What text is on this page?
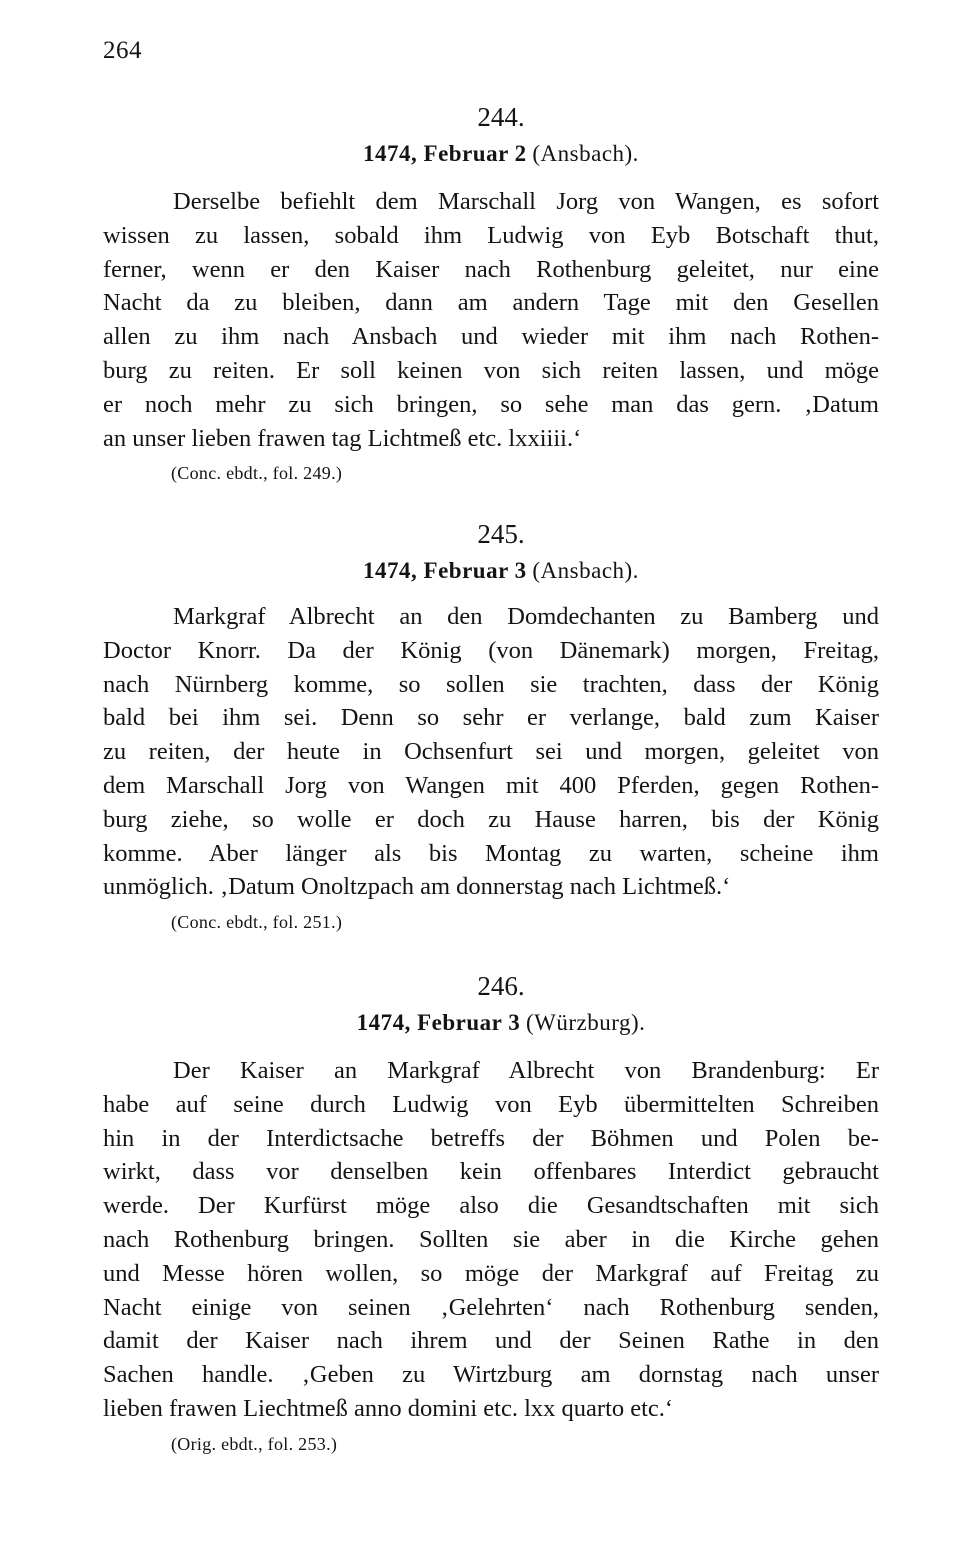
264
244.
1474, Februar 2 (Ansbach).
Derselbe befiehlt dem Marschall Jorg von Wangen, es sofort
wissen zu lassen, sobald ihm Ludwig von Eyb Botschaft thut,
ferner, wenn er den Kaiser nach Rothenburg geleitet, nur eine
Nacht da zu bleiben, dann am andern Tage mit den Gesellen
allen zu ihm nach Ansbach und wieder mit ihm nach Rothen-
burg zu reiten. Er soll keinen von sich reiten lassen, und möge
er noch mehr zu sich bringen, so sehe man das gern. ‚Datum
an unser lieben frawen tag Lichtmeß etc. lxxiiii.‘
(Conc. ebdt., fol. 249.)
245.
1474, Februar 3 (Ansbach).
Markgraf Albrecht an den Domdechanten zu Bamberg und
Doctor Knorr. Da der König (von Dänemark) morgen, Freitag,
nach Nürnberg komme, so sollen sie trachten, dass der König
bald bei ihm sei. Denn so sehr er verlange, bald zum Kaiser
zu reiten, der heute in Ochsenfurt sei und morgen, geleitet von
dem Marschall Jorg von Wangen mit 400 Pferden, gegen Rothen-
burg ziehe, so wolle er doch zu Hause harren, bis der König
komme. Aber länger als bis Montag zu warten, scheine ihm
unmöglich. ‚Datum Onoltzpach am donnerstag nach Lichtmeß.‘
(Conc. ebdt., fol. 251.)
246.
1474, Februar 3 (Würzburg).
Der Kaiser an Markgraf Albrecht von Brandenburg: Er
habe auf seine durch Ludwig von Eyb übermittelten Schreiben
hin in der Interdictsache betreffs der Böhmen und Polen be-
wirkt, dass vor denselben kein offenbares Interdict gebraucht
werde. Der Kurfürst möge also die Gesandtschaften mit sich
nach Rothenburg bringen. Sollten sie aber in die Kirche gehen
und Messe hören wollen, so möge der Markgraf auf Freitag zu
Nacht einige von seinen ‚Gelehrten‘ nach Rothenburg senden,
damit der Kaiser nach ihrem und der Seinen Rathe in den
Sachen handle. ‚Geben zu Wirtzburg am dornstag nach unser
lieben frawen Liechtmeß anno domini etc. lxx quarto etc.‘
(Orig. ebdt., fol. 253.)
